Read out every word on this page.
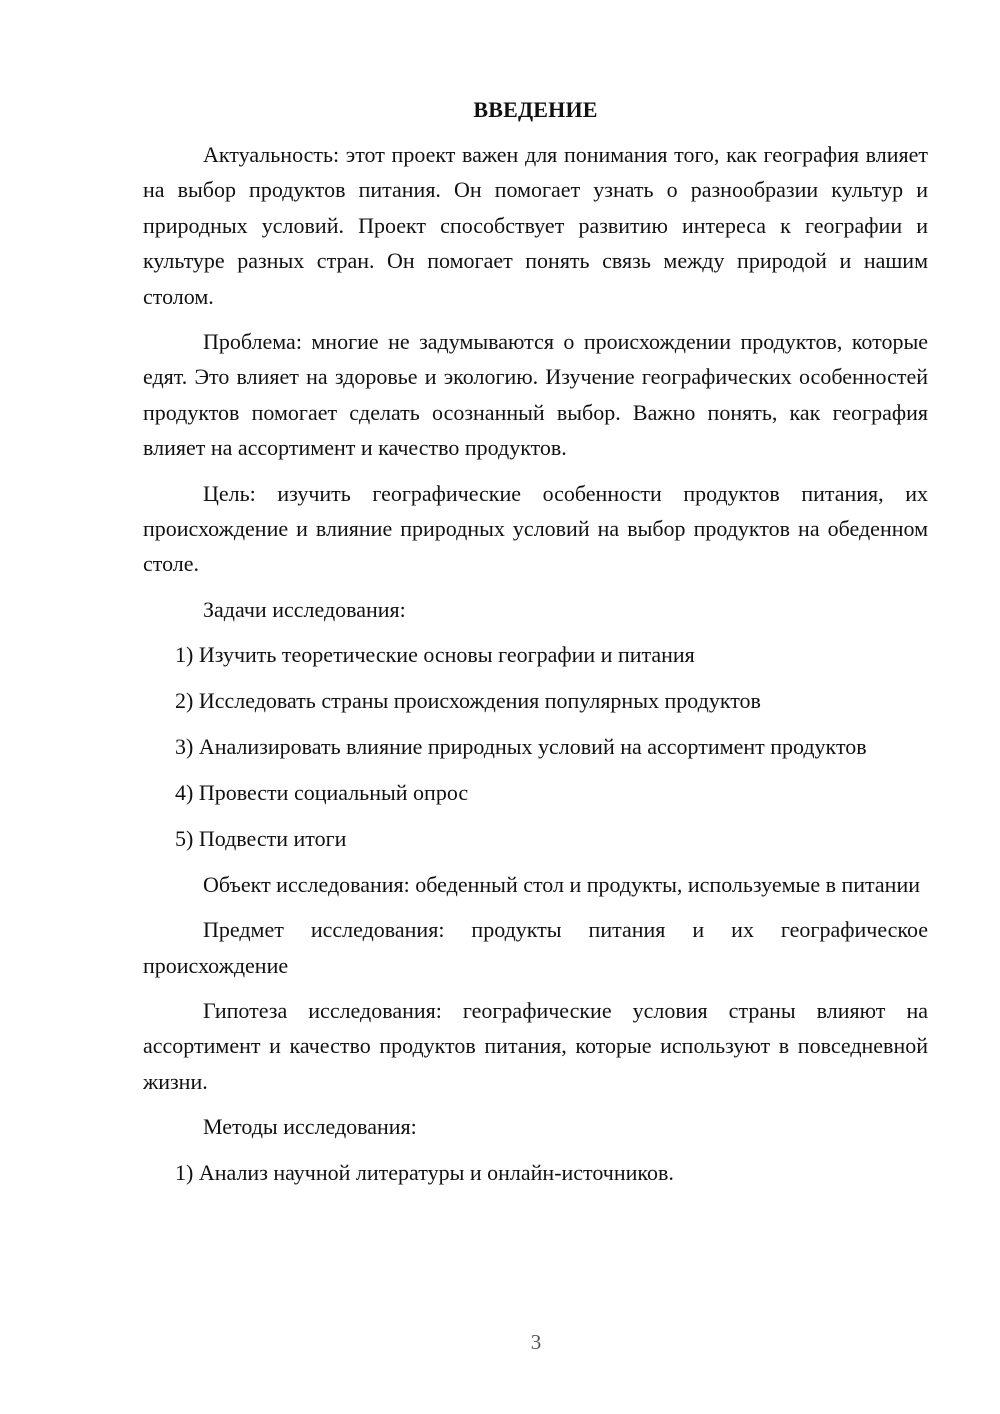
ВВЕДЕНИЕ

Актуальность: этот проект важен для понимания того, как география влияет на выбор продуктов питания. Он помогает узнать о разнообразии культур и природных условий. Проект способствует развитию интереса к географии и культуре разных стран. Он помогает понять связь между природой и нашим столом.

Проблема: многие не задумываются о происхождении продуктов, которые едят. Это влияет на здоровье и экологию. Изучение географических особенностей продуктов помогает сделать осознанный выбор. Важно понять, как география влияет на ассортимент и качество продуктов.

Цель: изучить географические особенности продуктов питания, их происхождение и влияние природных условий на выбор продуктов на обеденном столе.

Задачи исследования:

1) Изучить теоретические основы географии и питания

2) Исследовать страны происхождения популярных продуктов

3) Анализировать влияние природных условий на ассортимент продуктов

4) Провести социальный опрос

5) Подвести итоги

Объект исследования: обеденный стол и продукты, используемые в питании

Предмет исследования: продукты питания и их географическое происхождение

Гипотеза исследования: географические условия страны влияют на ассортимент и качество продуктов питания, которые используют в повседневной жизни.

Методы исследования:

1) Анализ научной литературы и онлайн-источников.

3
